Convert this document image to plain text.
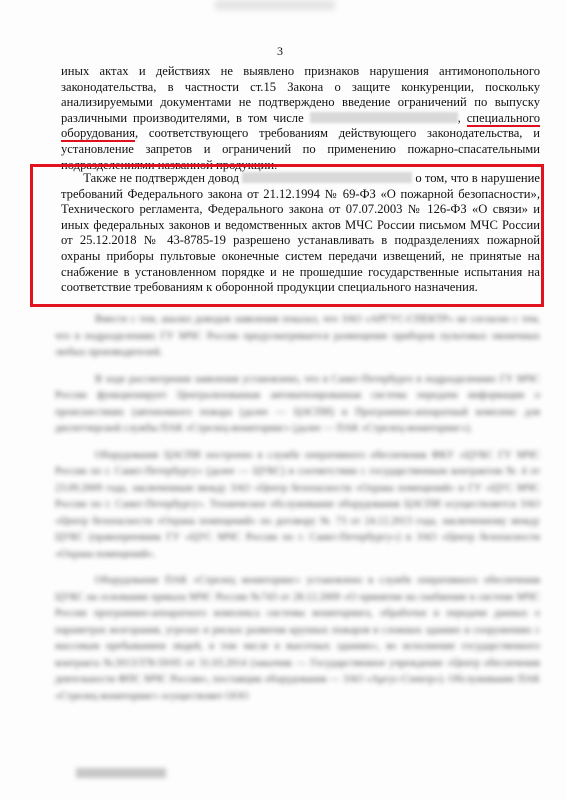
3

иных актах и действиях не выявлено признаков нарушения антимонопольного законодательства, в частности ст.15 Закона о защите конкуренции, поскольку анализируемыми документами не подтверждено введение ограничений по выпуску различными производителями, в том числе	, специального оборудования, соответствующего требованиям действующего законодательства, и установление запретов и ограничений по применению пожарно-спасательными подразделениями названной продукции.

Также не подтвержден довод	о том, что в нарушение требований Федерального закона от 21.12.1994 № 69-ФЗ «О пожарной безопасности», Технического регламента, Федерального закона от 07.07.2003 № 126-ФЗ «О связи» и иных федеральных законов и ведомственных актов МЧС России письмом МЧС России от 25.12.2018 № 43-8785-19 разрешено устанавливать в подразделениях пожарной охраны приборы пультовые оконечные систем передачи извещений, не принятые на снабжение в установленном порядке и не прошедшие государственные испытания на соответствие требованиям к оборонной продукции специального назначения.

Вместе с тем, анализ доводов заявления показал, что ЗАО «АРГУС-СПЕКТР» не согласно с тем, что в подразделениях ГУ МЧС России предусматривается размещение приборов пультовых оконечных любых производителей.

В ходе рассмотрения заявления установлено, что в Санкт-Петербурге в подразделениях ГУ МЧС России функционирует Централизованная автоматизированная система передачи информации о происшествиях (автономного пожара (далее — ЦАСПИ) и Программно-аппаратный комплекс для диспетчерской службы ПАК «Стрелец-мониторинг» (далее — ПАК «Стрелец-мониторинг»).

Оборудование ЦАСПИ построено в службе оперативного обеспечения ФКУ «ЦУКС ГУ МЧС России по г. Санкт-Петербургу» (далее — ЦУКС) в соответствии с государственным контрактом № 4 от 23.09.2009 года, заключенным между ЗАО «Центр безопасности «Охрана помещений» и ГУ «ЦУС МЧС России по г. Санкт-Петербургу». Техническое обслуживание оборудования ЦАСПИ осуществляется ЗАО «Центр безопасности «Охрана помещений» по договору № 73 от 24.12.2013 года, заключенному между ЦУКС (правопреемник ГУ «ЦУС МЧС России по г. Санкт-Петербургу») и ЗАО «Центр безопасности «Охрана помещений».

Оборудование ПАК «Стрелец мониторинг» установлено в службе оперативного обеспечения ЦУКС на основании приказа МЧС России №743 от 28.12.2009 «О принятии на снабжение в системе МЧС России программно-аппаратного комплекса системы мониторинга, обработки и передачи данных о параметрах возгорания, угрозах и рисках развития крупных пожаров в сложных зданиях и сооружениях с массовым пребыванием людей, в том числе в высотных зданиях», во исполнение государственного контракта №2013/378-59/05 от 31.03.2014 (заказчик — Государственное учреждение «Центр обеспечения деятельности ФПС МЧС России», поставщик оборудования — ЗАО «Аргус-Спектр»). Обслуживание ПАК «Стрелец мониторинг» осуществляет ООО
